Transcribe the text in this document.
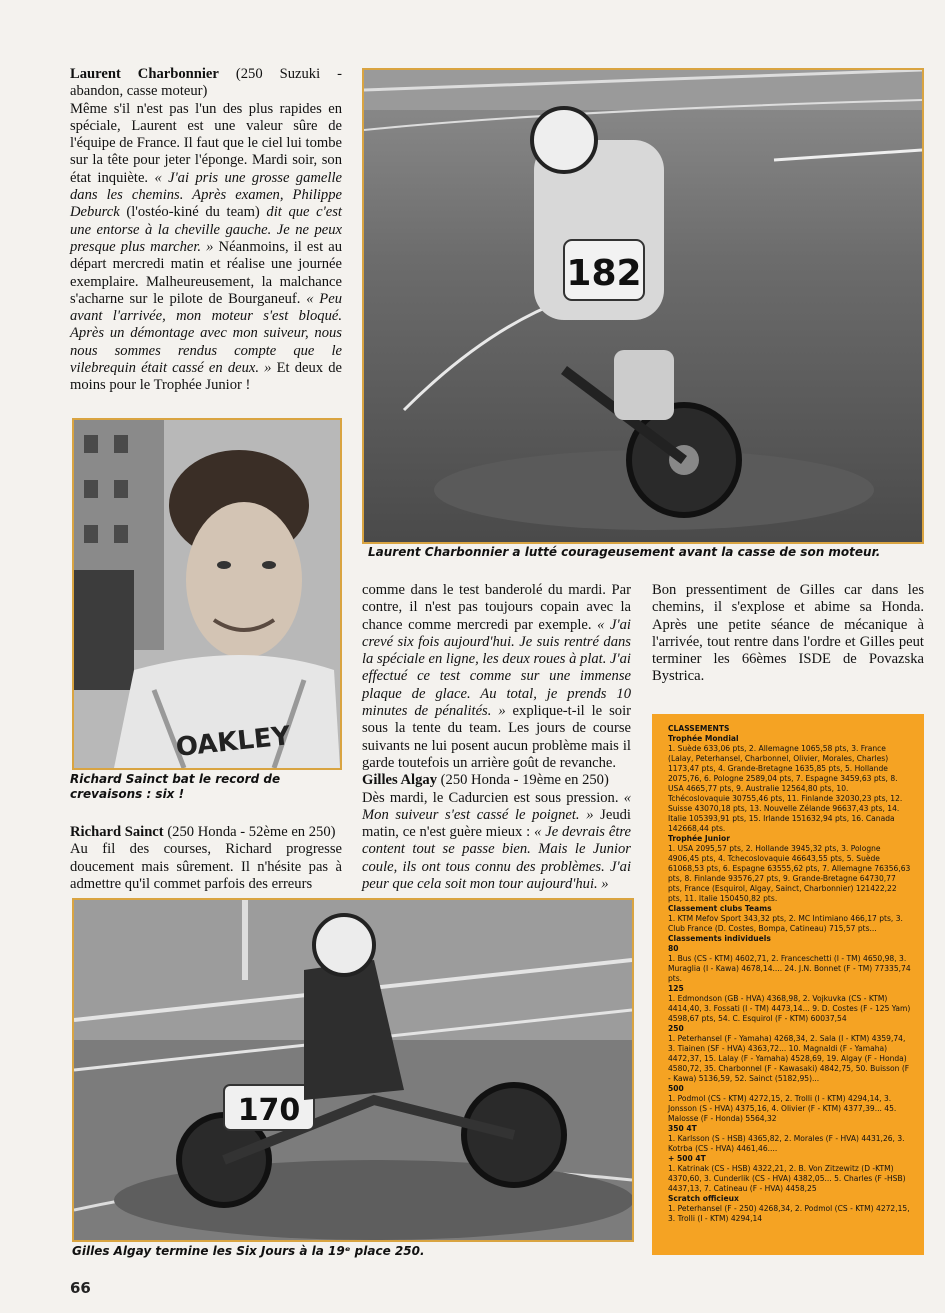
Laurent Charbonnier (250 Suzuki - abandon, casse moteur)

Même s'il n'est pas l'un des plus rapides en spéciale, Laurent est une valeur sûre de l'équipe de France. Il faut que le ciel lui tombe sur la tête pour jeter l'éponge. Mardi soir, son état inquiète. « J'ai pris une grosse gamelle dans les chemins. Après examen, Philippe Deburck (l'ostéo-kiné du team) dit que c'est une entorse à la cheville gauche. Je ne peux presque plus marcher. » Néanmoins, il est au départ mercredi matin et réalise une journée exemplaire. Malheureusement, la malchance s'acharne sur le pilote de Bourganeuf. « Peu avant l'arrivée, mon moteur s'est bloqué. Après un démontage avec mon suiveur, nous nous sommes rendus compte que le vilebrequin était cassé en deux. » Et deux de moins pour le Trophée Junior !

182
Laurent Charbonnier a lutté courageusement avant la casse de son moteur.
OAKLEY
Richard Sainct bat le record de crevaisons : six !

Richard Sainct (250 Honda - 52ème en 250)

Au fil des courses, Richard progresse doucement mais sûrement. Il n'hésite pas à admettre qu'il commet parfois des erreurs

comme dans le test banderolé du mardi. Par contre, il n'est pas toujours copain avec la chance comme mercredi par exemple. « J'ai crevé six fois aujourd'hui. Je suis rentré dans la spéciale en ligne, les deux roues à plat. J'ai effectué ce test comme sur une immense plaque de glace. Au total, je prends 10 minutes de pénalités. » explique-t-il le soir sous la tente du team. Les jours de course suivants ne lui posent aucun problème mais il garde toutefois un arrière goût de revanche.

Gilles Algay (250 Honda - 19ème en 250)

Dès mardi, le Cadurcien est sous pression. « Mon suiveur s'est cassé le poignet. » Jeudi matin, ce n'est guère mieux : « Je devrais être content tout se passe bien. Mais le Junior coule, ils ont tous connu des problèmes. J'ai peur que cela soit mon tour aujourd'hui. »

Bon pressentiment de Gilles car dans les chemins, il s'explose et abime sa Honda. Après une petite séance de mécanique à l'arrivée, tout rentre dans l'ordre et Gilles peut terminer les 66èmes ISDE de Povazska Bystrica.

170
Gilles Algay termine les Six Jours à la 19ᵉ place 250.

CLASSEMENTS

Trophée Mondial

1. Suède 633,06 pts, 2. Allemagne 1065,58 pts, 3. France (Lalay, Peterhansel, Charbonnel, Olivier, Morales, Charles) 1173,47 pts, 4. Grande-Bretagne 1635,85 pts, 5. Hollande 2075,76, 6. Pologne 2589,04 pts, 7. Espagne 3459,63 pts, 8. USA 4665,77 pts, 9. Australie 12564,80 pts, 10. Tchécoslovaquie 30755,46 pts, 11. Finlande 32030,23 pts, 12. Suisse 43070,18 pts, 13. Nouvelle Zélande 96637,43 pts, 14. Italie 105393,91 pts, 15. Irlande 151632,94 pts, 16. Canada 142668,44 pts.

Trophée Junior

1. USA 2095,57 pts, 2. Hollande 3945,32 pts, 3. Pologne 4906,45 pts, 4. Tchecoslovaquie 46643,55 pts, 5. Suède 61068,53 pts, 6. Espagne 63555,62 pts, 7. Allemagne 76356,63 pts, 8. Finlande 93576,27 pts, 9. Grande-Bretagne 64730,77 pts, France (Esquirol, Algay, Sainct, Charbonnier) 121422,22 pts, 11. Italie 150450,82 pts.

Classement clubs Teams

1. KTM Mefov Sport 343,32 pts, 2. MC Intimiano 466,17 pts, 3. Club France (D. Costes, Bompa, Catineau) 715,57 pts...

Classements individuels

80

1. Bus (CS - KTM) 4602,71, 2. Franceschetti (I - TM) 4650,98, 3. Muraglia (I - Kawa) 4678,14.... 24. J.N. Bonnet (F - TM) 77335,74 pts.

125

1. Edmondson (GB - HVA) 4368,98, 2. Vojkuvka (CS - KTM) 4414,40, 3. Fossati (I - TM) 4473,14... 9. D. Costes (F - 125 Yam) 4598,67 pts, 54. C. Esquirol (F - KTM) 60037,54

250

1. Peterhansel (F - Yamaha) 4268,34, 2. Sala (I - KTM) 4359,74, 3. Tiainen (SF - HVA) 4363,72... 10. Magnaldi (F - Yamaha) 4472,37, 15. Lalay (F - Yamaha) 4528,69, 19. Algay (F - Honda) 4580,72, 35. Charbonnel (F - Kawasaki) 4842,75, 50. Buisson (F - Kawa) 5136,59, 52. Sainct (5182,95)...

500

1. Podmol (CS - KTM) 4272,15, 2. Trolli (I - KTM) 4294,14, 3. Jonsson (S - HVA) 4375,16, 4. Olivier (F - KTM) 4377,39... 45. Malosse (F - Honda) 5564,32

350 4T

1. Karlsson (S - HSB) 4365,82, 2. Morales (F - HVA) 4431,26, 3. Kotrba (CS - HVA) 4461,46....

+ 500 4T

1. Katrinak (CS - HSB) 4322,21, 2. B. Von Zitzewitz (D -KTM) 4370,60, 3. Cunderlik (CS - HVA) 4382,05... 5. Charles (F -HSB) 4437,13, 7. Catineau (F - HVA) 4458,25

Scratch officieux

1. Peterhansel (F - 250) 4268,34, 2. Podmol (CS - KTM) 4272,15, 3. Trolli (I - KTM) 4294,14

66
